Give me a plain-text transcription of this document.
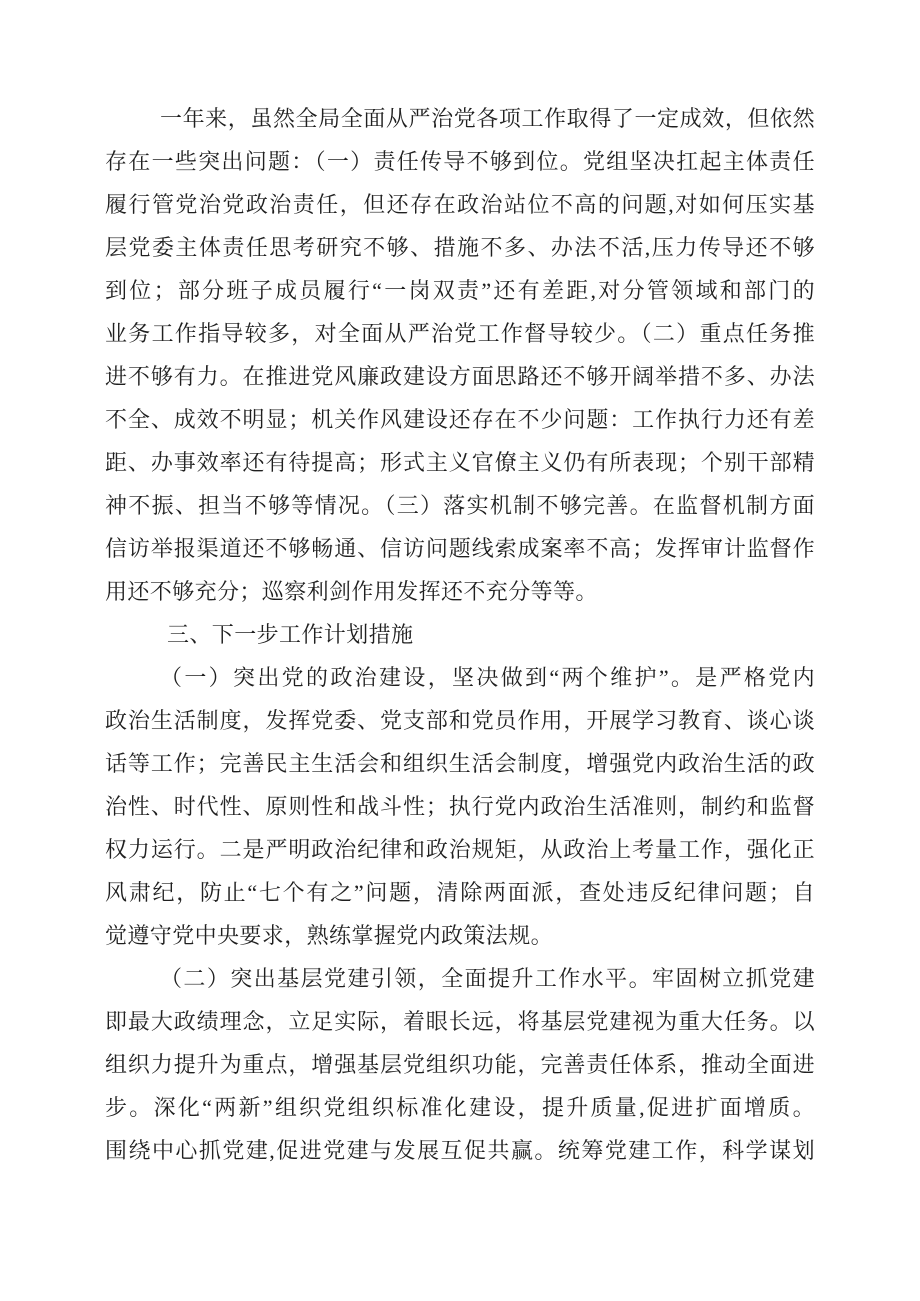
一年来，虽然全局全面从严治党各项工作取得了一定成效，但依然
存在一些突出问题：（一）责任传导不够到位。党组坚决扛起主体责任
履行管党治党政治责任，但还存在政治站位不高的问题,对如何压实基
层党委主体责任思考研究不够、措施不多、办法不活,压力传导还不够
到位；部分班子成员履行“一岗双责”还有差距,对分管领域和部门的
业务工作指导较多，对全面从严治党工作督导较少。（二）重点任务推
进不够有力。在推进党风廉政建设方面思路还不够开阔举措不多、办法
不全、成效不明显；机关作风建设还存在不少问题：工作执行力还有差
距、办事效率还有待提高；形式主义官僚主义仍有所表现；个别干部精
神不振、担当不够等情况。（三）落实机制不够完善。在监督机制方面
信访举报渠道还不够畅通、信访问题线索成案率不高；发挥审计监督作
用还不够充分；巡察利剑作用发挥还不充分等等。
三、下一步工作计划措施
（一）突出党的政治建设，坚决做到“两个维护”。是严格党内
政治生活制度，发挥党委、党支部和党员作用，开展学习教育、谈心谈
话等工作；完善民主生活会和组织生活会制度，增强党内政治生活的政
治性、时代性、原则性和战斗性；执行党内政治生活准则，制约和监督
权力运行。二是严明政治纪律和政治规矩，从政治上考量工作，强化正
风肃纪，防止“七个有之”问题，清除两面派，查处违反纪律问题；自
觉遵守党中央要求，熟练掌握党内政策法规。
（二）突出基层党建引领，全面提升工作水平。牢固树立抓党建
即最大政绩理念，立足实际，着眼长远，将基层党建视为重大任务。以
组织力提升为重点，增强基层党组织功能，完善责任体系，推动全面进
步。深化“两新”组织党组织标准化建设，提升质量,促进扩面增质。
围绕中心抓党建,促进党建与发展互促共赢。统筹党建工作，科学谋划
